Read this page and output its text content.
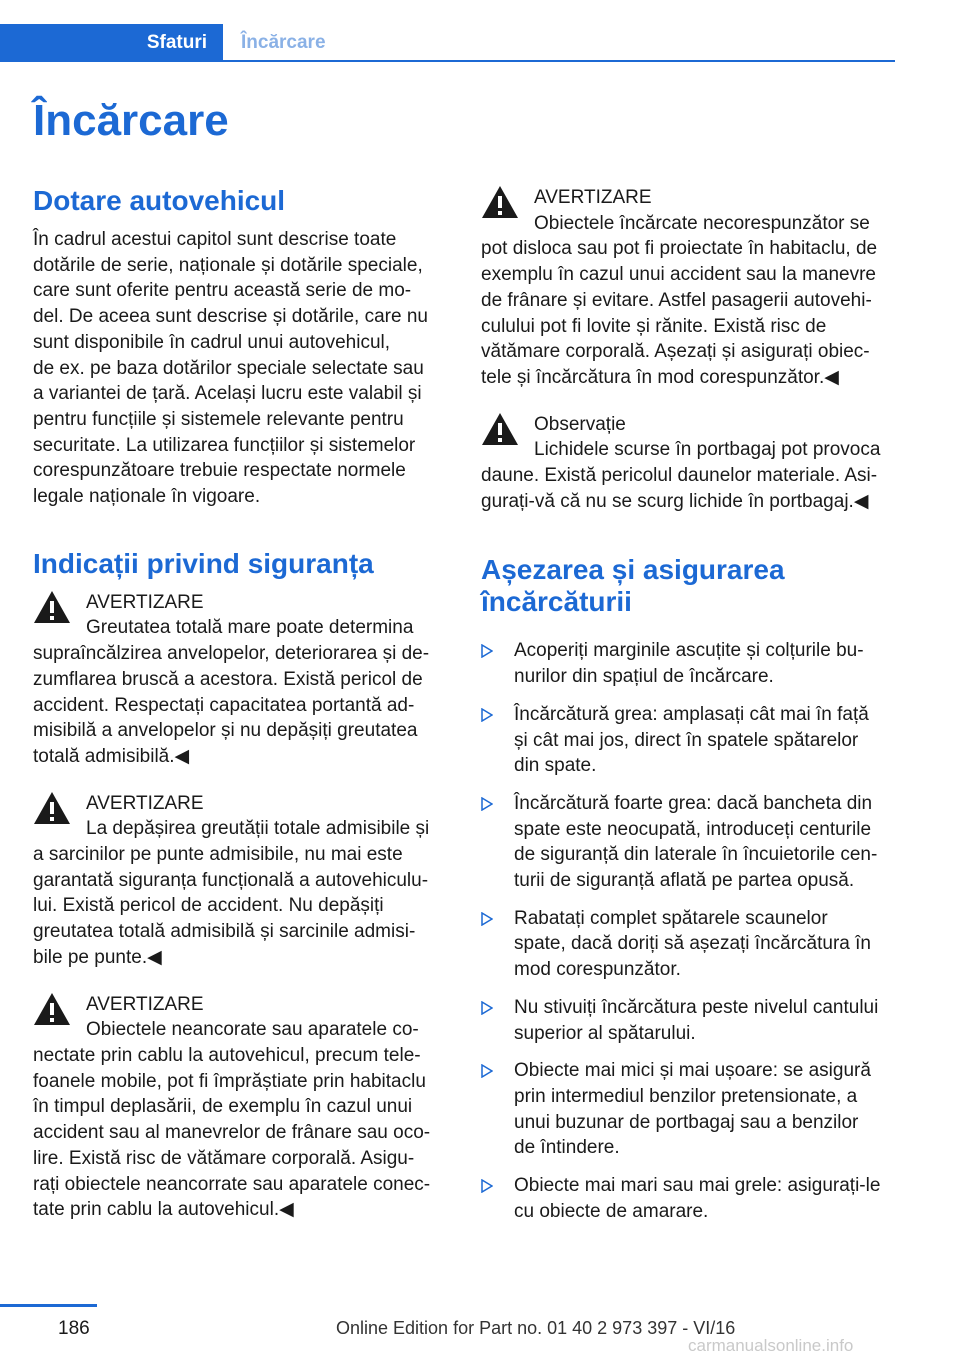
Sfaturi	Încărcare
Încărcare
Dotare autovehicul

În cadrul acestui capitol sunt descrise toate
dotările de serie, naționale și dotările speciale,
care sunt oferite pentru această serie de mo‐
del. De aceea sunt descrise și dotările, care nu
sunt disponibile în cadrul unui autovehicul,
de ex. pe baza dotărilor speciale selectate sau
a variantei de țară. Același lucru este valabil și
pentru funcțiile și sistemele relevante pentru
securitate. La utilizarea funcțiilor și sistemelor
corespunzătoare trebuie respectate normele
legale naționale în vigoare.

Indicații privind siguranța
AVERTIZARE
Greutatea totală mare poate determina
supraîncălzirea anvelopelor, deteriorarea și de‐
zumflarea bruscă a acestora. Există pericol de
accident. Respectați capacitatea portantă ad‐
misibilă a anvelopelor și nu depășiți greutatea
totală admisibilă.◀
AVERTIZARE
La depășirea greutății totale admisibile și
a sarcinilor pe punte admisibile, nu mai este
garantată siguranța funcțională a autovehiculu‐
lui. Există pericol de accident. Nu depășiți
greutatea totală admisibilă și sarcinile admisi‐
bile pe punte.◀
AVERTIZARE
Obiectele neancorate sau aparatele co‐
nectate prin cablu la autovehicul, precum tele‐
foanele mobile, pot fi împrăștiate prin habitaclu
în timpul deplasării, de exemplu în cazul unui
accident sau al manevrelor de frânare sau oco‐
lire. Există risc de vătămare corporală. Asigu‐
rați obiectele neancorrate sau aparatele conec‐
tate prin cablu la autovehicul.◀
AVERTIZARE
Obiectele încărcate necorespunzător se
pot disloca sau pot fi proiectate în habitaclu, de
exemplu în cazul unui accident sau la manevre
de frânare și evitare. Astfel pasagerii autovehi‐
culului pot fi lovite și rănite. Există risc de
vătămare corporală. Așezați și asigurați obiec‐
tele și încărcătura în mod corespunzător.◀
Observație
Lichidele scurse în portbagaj pot provoca
daune. Există pericolul daunelor materiale. Asi‐
gurați-vă că nu se scurg lichide în portbagaj.◀
Așezarea și asigurarea
încărcăturii
Acoperiți marginile ascuțite și colțurile bu‐
nurilor din spațiul de încărcare.
Încărcătură grea: amplasați cât mai în față
și cât mai jos, direct în spatele spătarelor
din spate.
Încărcătură foarte grea: dacă bancheta din
spate este neocupată, introduceți centurile
de siguranță din laterale în încuietorile cen‐
turii de siguranță aflată pe partea opusă.
Rabatați complet spătarele scaunelor
spate, dacă doriți să așezați încărcătura în
mod corespunzător.
Nu stivuiți încărcătura peste nivelul cantului
superior al spătarului.
Obiecte mai mici și mai ușoare: se asigură
prin intermediul benzilor pretensionate, a
unui buzunar de portbagaj sau a benzilor
de întindere.
Obiecte mai mari sau mai grele: asigurați-le
cu obiecte de amarare.
186	Online Edition for Part no. 01 40 2 973 397 - VI/16
carmanualsonline.info
